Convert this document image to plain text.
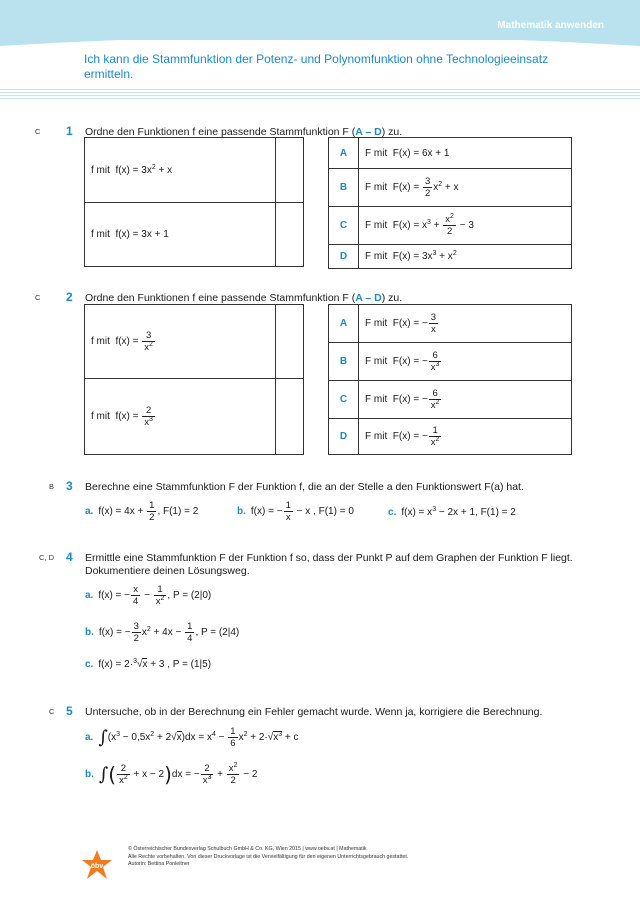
Mathematik anwenden
Ich kann die Stammfunktion der Potenz- und Polynomfunktion ohne Technologieeinsatz ermitteln.
C 1 Ordne den Funktionen f eine passende Stammfunktion F (A – D) zu.
f mit  $f(x) = 3x^2 + x$	
f mit  f(x) = 3x + 1	
A	F mit  F(x) = 6x + 1
B	F mit  $F(x) = \frac{3}{2} x^2 + x$
C	F mit  $F(x) = x^3 + \frac{x^2}{2} - 3$
D	F mit  $F(x) = 3x^3 + x^2$
C 2 Ordne den Funktionen f eine passende Stammfunktion F (A – D) zu.
f mit  $f(x) = \frac{3}{x^2}$

f mit  $f(x) = \frac{2}{x^3}$

A	F mit  F(x) = − $\frac{3}{x}$

B	F mit  F(x) = − $\frac{6}{x^3}$

C	F mit  F(x) = − $\frac{6}{x^2}$

D	F mit  F(x) = − $\frac{1}{x^2}$
B 3 Berechne eine Stammfunktion F der Funktion f, die an der Stelle a den Funktionswert F(a) hat.
a. $f(x) = 4x + \frac{1}{2}$ , F(1) = 2	b. f(x) = − $\frac{1}{x} - x$ , F(1) = 0	c. $f(x) = x^3 - 2x + 1$, F(1) = 2
C, D 4 Ermittle eine Stammfunktion F der Funktion f so, dass der Punkt P auf dem Graphen der Funktion F liegt.
Dokumentiere deinen Lösungsweg.
a. f(x) = − $\frac{x}{4} - \frac{1}{x^2}$ , P = (2|0)
b. f(x) = − $\frac{3}{2} x^2 + 4x - \frac{1}{4}$ , P = (2|4)
c. f(x) = 2·$^3$√x + 3 , P = (1|5)
C 5 Untersuche, ob in der Berechnung ein Fehler gemacht wurde. Wenn ja, korrigiere die Berechnung.
a. $\int(x^3 - 0,5x^2 + 2√x)dx = x^4 - \frac{1}{6} x^2 + 2\cdot√x^3 + c$
b. ∫( $\frac{2}{x^2} + x - 2)dx$ = − $\frac{2}{x^3} + \frac{x^2}{2} - 2$
öbv
© Österreichischer Bundesverlag Schulbuch GmbH & Co. KG, Wien 2015 | www.oebv.at | Mathematik
Alle Rechte vorbehalten. Von dieser Druckvorlage ist die Vervielfältigung für den eigenen Unterrichtsgebrauch gestattet.
Autorin: Bettina Ponleitner
